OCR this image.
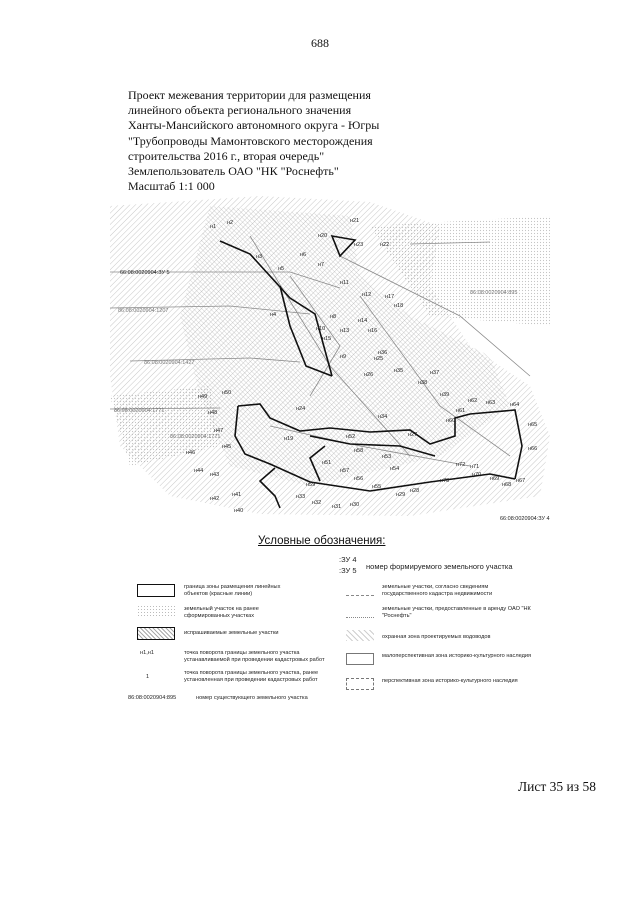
688
Проект межевания территории для размещения
линейного объекта регионального значения
Ханты-Мансийского автономного округа - Югры
"Трубопроводы Мамонтовского месторождения
строительства 2016 г., вторая очередь"
Землепользователь ОАО "НК "Роснефть"
Масштаб 1:1 000
н1
н2
н3
н4
н5
н6
н7
н8
н9
н10
н11
н12
н13
н14
н15
н16
н17
н18
н19
н20
н21
н22
н23
н24
н25
н26
н27
н28
н29
н30
н31
н32
н33
н34
н35
н36
н37
н38
н39
н40
н41
н42
н43
н44
н45
н46
н47
н48
н49
н50
н51
н52
н53
н54
н55
н56
н57
н58
н59
н60
н61
н62 н63	н64
н65
н66
н67
н68
н69
н70
н71
н72
н73
66:08:0020904:ЗУ 5
66:08:0020904:ЗУ 4
86:08:0020904:895
86:08:0020904:1207
86:08:0020904:1427
86:08:0020904:1771
86:08:0020904:1771
Условные обозначения:
:ЗУ 4
:ЗУ 5 номер формируемого земельного участка
граница зоны размещения линейных объектов (красные линии)
земельный участок на ранее сформированных участках
испрашиваемые земельные участки
н1,н1	точка поворота границы земельного участка устанавливаемой при проведении кадастровых работ
1
точка поворота границы земельного участка, ранее установленная при проведении кадастровых работ
86:08:0020904:895	номер существующего земельного участка
земельные участки, согласно сведениям государственного кадастра недвижимости
земельные участки, предоставленные в аренду ОАО "НК "Роснефть"
охранная зона проектируемых водоводов
малоперспективная зона историко-культурного наследия
перспективная зона историко-культурного наследия
Лист 35 из 58
